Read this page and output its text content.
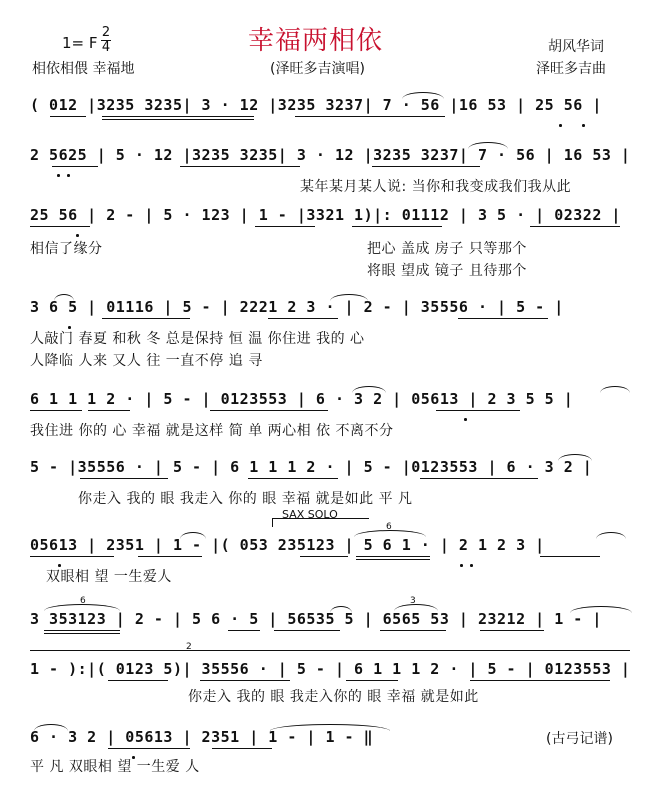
1= F
2
4	幸福两相依	胡风华词
相依相偎 幸福地	(泽旺多吉演唱)	泽旺多吉曲
( 012 |3235 3235| 3 · 12 |3235 3237| 7 · 56 |16 53 | 25 56 |
2 5625 | 5 · 12 |3235 3235| 3 · 12 |3235 3237| 7 · 56 | 16 53 |
某年某月某人说: 当你和我变成我们我从此
25 56 | 2 - | 5 · 123 | 1 - |3321 1)|: 01112 | 3 5 · | 02322 |
相信了缘分	把心 盖成 房子 只等那个
将眼 望成 镜子 且待那个
3 6 5 | 01116 | 5 - | 2221 2 3 · | 2 - | 35556 · | 5 - |
人敲门 春夏 和秋 冬 总是保持 恒 温 你住进 我的 心
人降临 人来 又人 往 一直不停 追 寻
6 1 1 1 2 · | 5 - | 0123553 | 6 · 3 2 | 05613 | 2 3 5 5 |
我住进 你的 心 幸福 就是这样 简 单 两心相 依 不离不分
5 - |35556 · | 5 - | 6 1 1 1 2 · | 5 - |0123553 | 6 · 3 2 |
你走入 我的 眼 我走入 你的 眼 幸福 就是如此 平 凡
SAX SOLO
05613 | 2351 | 1 - |( 053 235123 | 5 6 1 · | 2 1 2 3 |
6
双眼相 望 一生爱人
3 353123 | 2 - | 5 6 · 5 | 56535 5 | 6565 53 | 23212 | 1 - |
6	3
2
1 - ):|( 0123 5)| 35556 · | 5 - | 6 1 1 1 2 · | 5 - | 0123553 |
你走入 我的 眼 我走入你的 眼 幸福 就是如此
6 · 3 2 | 05613 | 2351 | 1 - | 1 - ‖
平 凡 双眼相 望 一生爱 人
(古弓记谱)
